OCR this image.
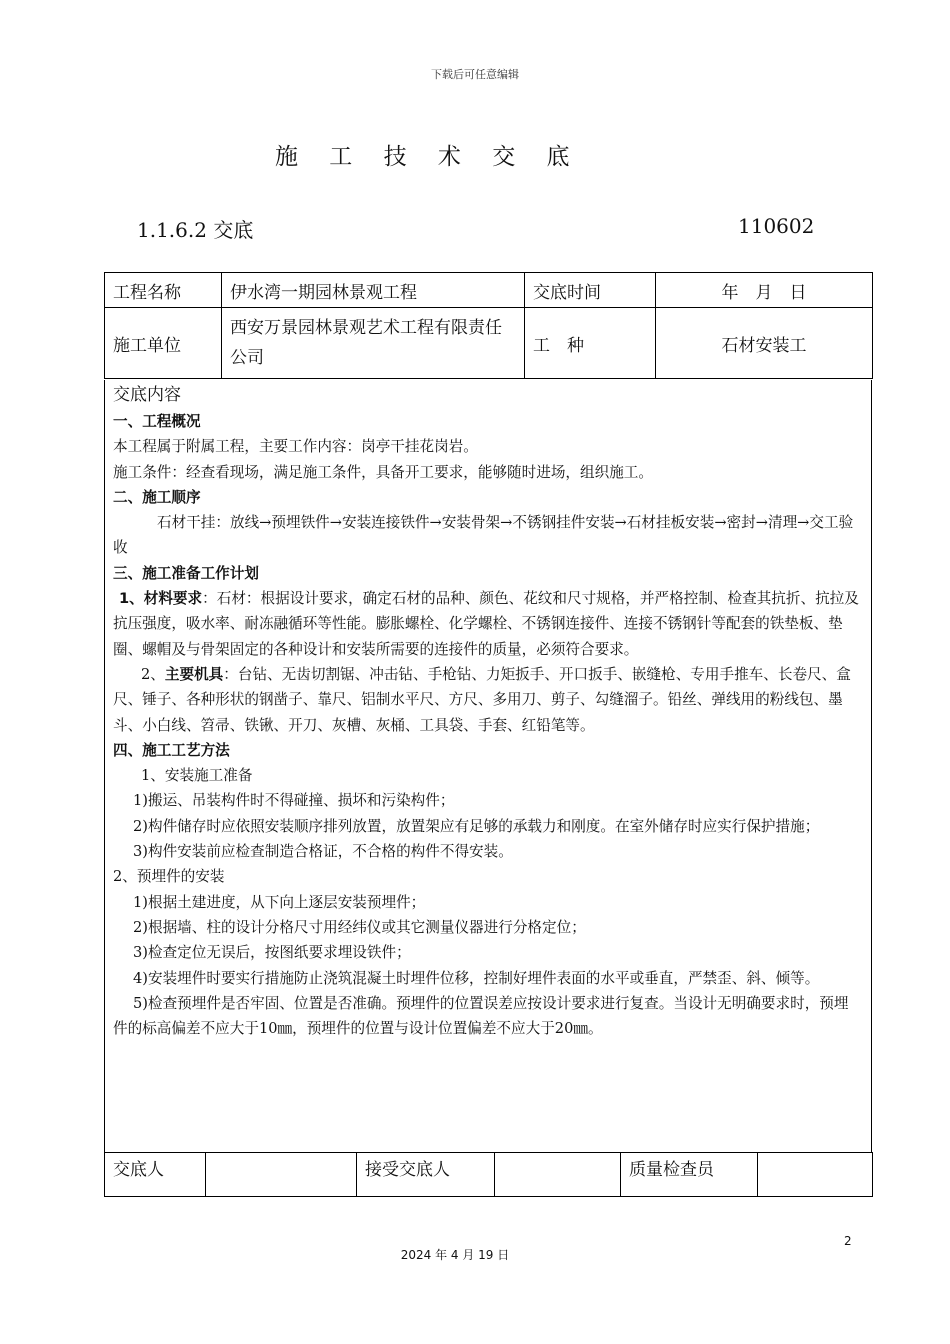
下载后可任意编辑
施 工 技 术 交 底
1.1.6.2 交底	110602
工程名称	伊水湾一期园林景观工程	交底时间	年　月　日
施工单位	西安万景园林景观艺术工程有限责任公司	工　种	石材安装工

交底内容

一、工程概况

本工程属于附属工程，主要工作内容：岗亭干挂花岗岩。

施工条件：经查看现场，满足施工条件，具备开工要求，能够随时进场，组织施工。

二、施工顺序

石材干挂：放线→预埋铁件→安装连接铁件→安装骨架→不锈钢挂件安装→石材挂板安装→密封→清理→交工验收

三、施工准备工作计划

1、材料要求：石材：根据设计要求，确定石材的品种、颜色、花纹和尺寸规格，并严格控制、检查其抗折、抗拉及抗压强度，吸水率、耐冻融循环等性能。膨胀螺栓、化学螺栓、不锈钢连接件、连接不锈钢针等配套的铁垫板、垫圈、螺帽及与骨架固定的各种设计和安装所需要的连接件的质量，必须符合要求。

2、主要机具：台钻、无齿切割锯、冲击钻、手枪钻、力矩扳手、开口扳手、嵌缝枪、专用手推车、长卷尺、盒尺、锤子、各种形状的钢凿子、靠尺、铝制水平尺、方尺、多用刀、剪子、勾缝溜子。铅丝、弹线用的粉线包、墨斗、小白线、笤帚、铁锹、开刀、灰槽、灰桶、工具袋、手套、红铅笔等。

四、施工工艺方法

1、安装施工准备

1)搬运、吊装构件时不得碰撞、损坏和污染构件；

2)构件储存时应依照安装顺序排列放置，放置架应有足够的承载力和刚度。在室外储存时应实行保护措施；

3)构件安装前应检查制造合格证，不合格的构件不得安装。

2、预埋件的安装

1)根据土建进度，从下向上逐层安装预埋件；

2)根据墙、柱的设计分格尺寸用经纬仪或其它测量仪器进行分格定位；

3)检查定位无误后，按图纸要求埋设铁件；

4)安装埋件时要实行措施防止浇筑混凝土时埋件位移，控制好埋件表面的水平或垂直，严禁歪、斜、倾等。

5)检查预埋件是否牢固、位置是否准确。预埋件的位置误差应按设计要求进行复查。当设计无明确要求时，预埋件的标高偏差不应大于10㎜，预埋件的位置与设计位置偏差不应大于20㎜。

交底人		接受交底人		质量检查员	
2
2024 年 4 月 19 日
